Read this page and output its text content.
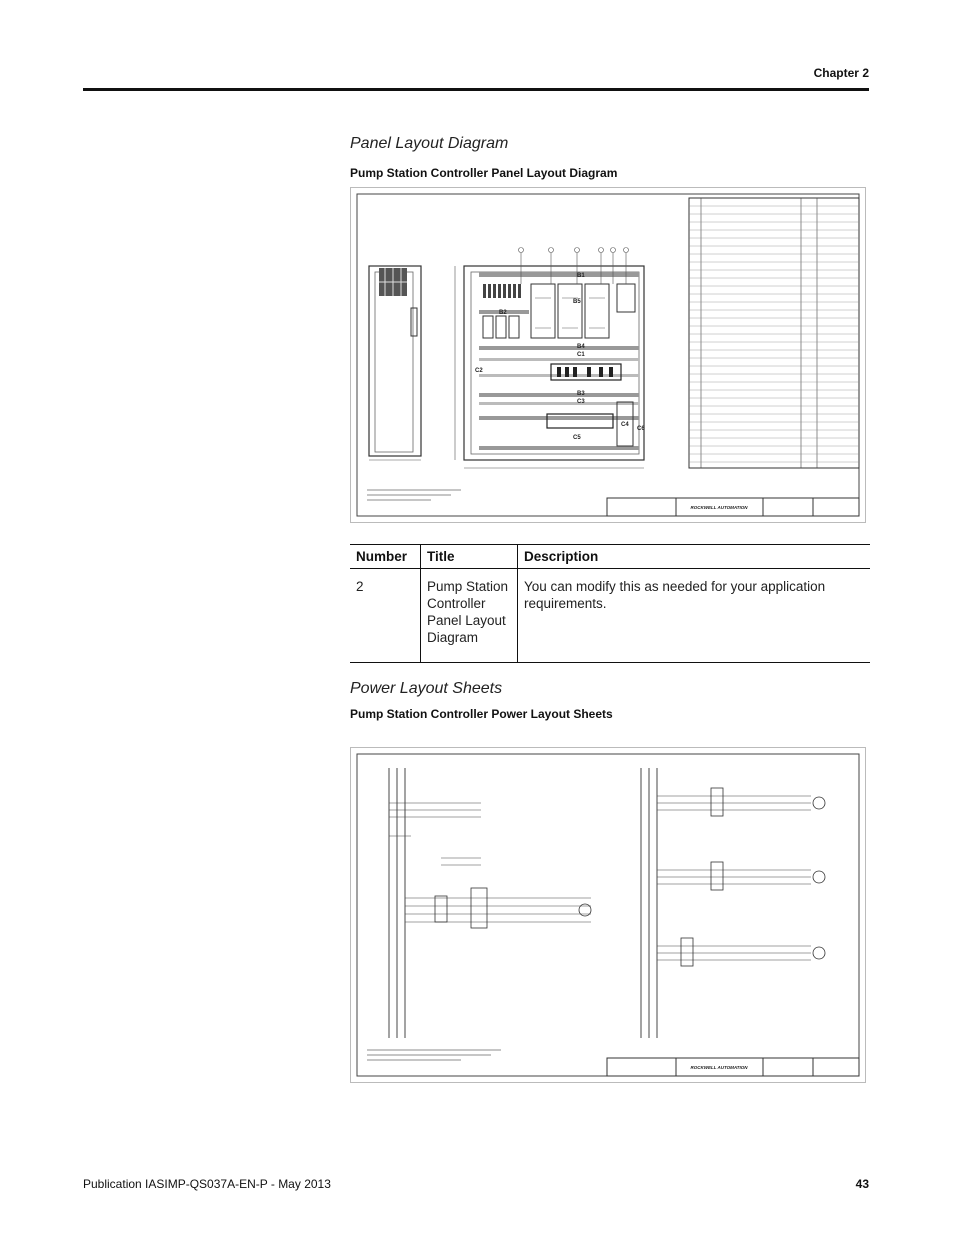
Chapter 2
Panel Layout Diagram
Pump Station Controller Panel Layout Diagram
B1
B2
B4
C1
B5
B3
C3
C5
C2
C4
C6
ROCKWELL AUTOMATION
Number	Title	Description
2	Pump Station Controller Panel Layout Diagram	You can modify this as needed for your application requirements.
Power Layout Sheets
Pump Station Controller Power Layout Sheets
ROCKWELL AUTOMATION
Publication IASIMP-QS037A-EN-P - May 2013	43
